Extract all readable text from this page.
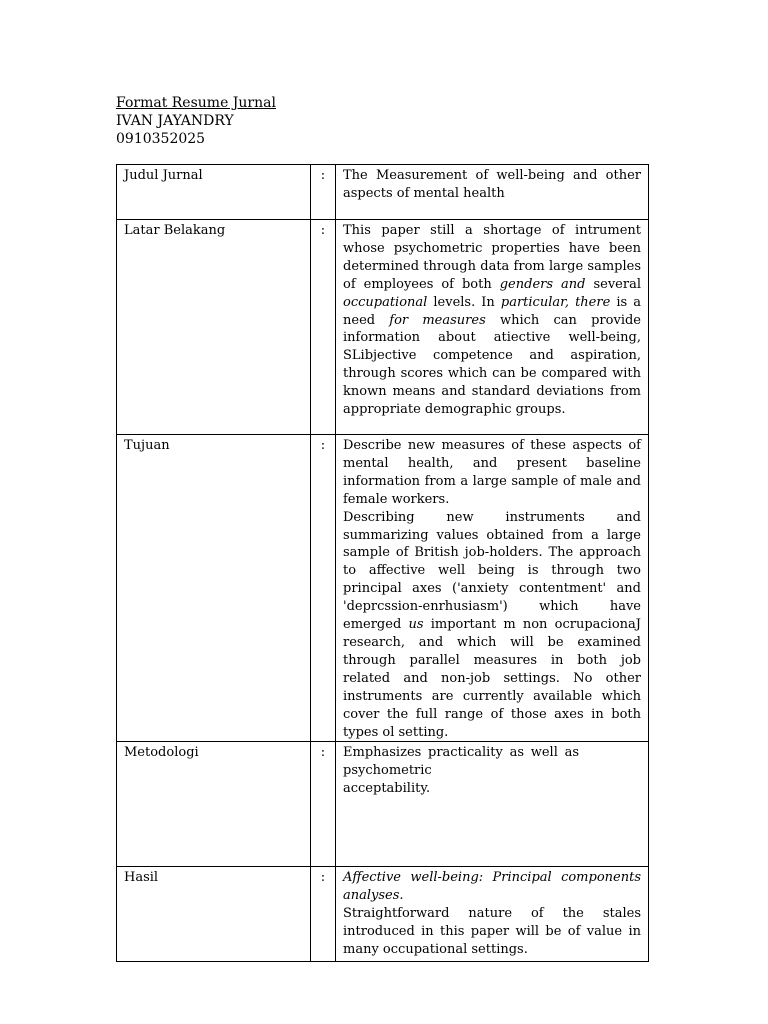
Format Resume Jurnal
IVAN JAYANDRY
0910352025
Judul Jurnal	:	The Measurement of well-being and other aspects of mental health
Latar Belakang	:	This paper still a shortage of intrument whose psychometric properties have been determined through data from large samples of employees of both genders and several occupational levels. In particular, there is a need for measures which can provide information about atiective well-being, SLibjective competence and aspiration, through scores which can be compared with known means and standard deviations from appropriate demographic groups.
Tujuan	:	Describe new measures of these aspects of mental health, and present baseline information from a large sample of male and female workers.
Describing new instruments and summarizing values obtained from a large sample of British job-holders. The approach to affective well being is through two principal axes ('anxiety contentment' and 'deprcssion-enrhusiasm') which have emerged us important m non ocrupacionaJ research, and which will be examined through parallel measures in both job related and non-job settings. No other instruments are currently available which cover the full range of those axes in both types ol setting.

Metodologi	:	Emphasizes practicality as well as psychometric
acceptability.

Hasil	:	Affective well-being: Principal components analyses.
Straightforward nature of the stales introduced in this paper will be of value in many occupational settings.
